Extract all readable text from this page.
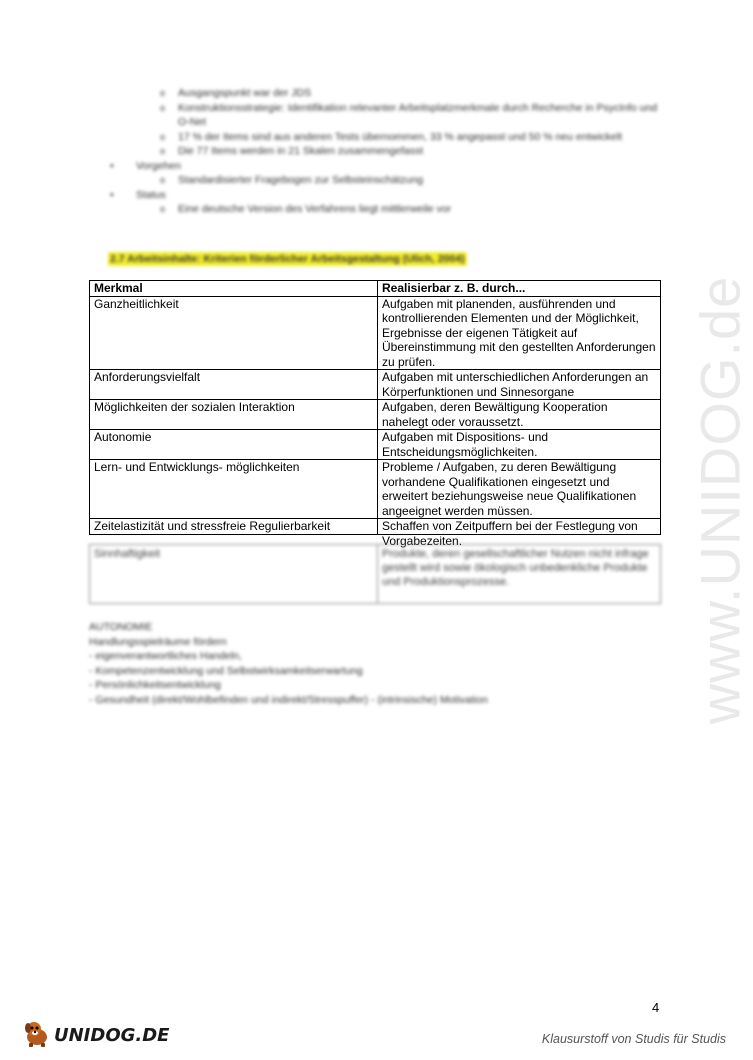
o Ausgangspunkt war der JDS

o Konstruktionsstrategie: Identifikation relevanter Arbeitsplatzmerkmale durch Recherche in PsycInfo und O-Net

o 17 % der Items sind aus anderen Tests übernommen, 33 % angepasst und 50 % neu entwickelt

o Die 77 Items werden in 21 Skalen zusammengefasst

• Vorgehen

o Standardisierter Fragebogen zur Selbsteinschätzung

• Status

o Eine deutsche Version des Verfahrens liegt mittlerweile vor

2.7 Arbeitsinhalte: Kriterien förderlicher Arbeitsgestaltung (Ulich, 2004)
Merkmal	Realisierbar z. B. durch...
Ganzheitlichkeit	Aufgaben mit planenden, ausführenden und kontrollierenden Elementen und der Möglichkeit, Ergebnisse der eigenen Tätigkeit auf Übereinstimmung mit den gestellten Anforderungen zu prüfen.
Anforderungsvielfalt	Aufgaben mit unterschiedlichen Anforderungen an Körperfunktionen und Sinnesorgane
Möglichkeiten der sozialen Interaktion	Aufgaben, deren Bewältigung Kooperation nahelegt oder voraussetzt.
Autonomie	Aufgaben mit Dispositions- und Entscheidungsmöglichkeiten.
Lern- und Entwicklungs- möglichkeiten	Probleme / Aufgaben, zu deren Bewältigung vorhandene Qualifikationen eingesetzt und erweitert beziehungsweise neue Qualifikationen angeeignet werden müssen.
Zeitelastizität und stressfreie Regulierbarkeit	Schaffen von Zeitpuffern bei der Festlegung von Vorgabezeiten.
Sinnhaftigkeit	Produkte, deren gesellschaftlicher Nutzen nicht infrage gestellt wird sowie ökologisch unbedenkliche Produkte und Produktionsprozesse.
AUTONOMIE
Handlungsspielräume fördern
- eigenverantwortliches Handeln,
- Kompetenzentwicklung und Selbstwirksamkeitserwartung
- Persönlichkeitsentwicklung
- Gesundheit (direkt/Wohlbefinden und indirekt/Stresspuffer) - (intrinsische) Motivation	www.UNIDOG.de
4
UNIDOG.DE	Klausurstoff von Studis für Studis
